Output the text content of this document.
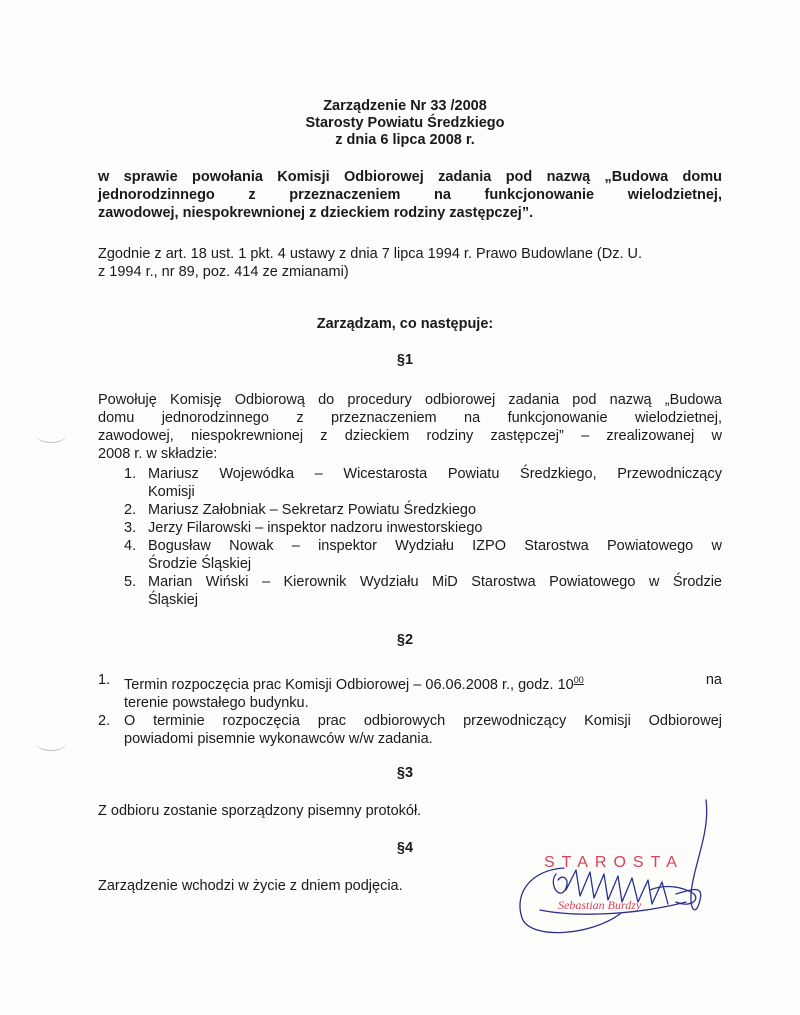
Zarządzenie Nr 33 /2008
Starosty Powiatu Średzkiego
z dnia 6 lipca 2008 r.
w sprawie powołania Komisji Odbiorowej zadania pod nazwą „Budowa domu
jednorodzinnego z przeznaczeniem na funkcjonowanie wielodzietnej,
zawodowej, niespokrewnionej z dzieckiem rodziny zastępczej”.
Zgodnie z art. 18 ust. 1 pkt. 4 ustawy z dnia 7 lipca 1994 r. Prawo Budowlane (Dz. U.
z 1994 r., nr 89, poz. 414 ze zmianami)
Zarządzam, co następuje:
§1
Powołuję Komisję Odbiorową do procedury odbiorowej zadania pod nazwą „Budowa
domu jednorodzinnego z przeznaczeniem na funkcjonowanie wielodzietnej,
zawodowej, niespokrewnionej z dzieckiem rodziny zastępczej” – zrealizowanej w
2008 r. w składzie:
1. Mariusz Wojewódka – Wicestarosta Powiatu Średzkiego, Przewodniczący
Komisji
2. Mariusz Załobniak – Sekretarz Powiatu Średzkiego
3. Jerzy Filarowski – inspektor nadzoru inwestorskiego
4. Bogusław Nowak – inspektor Wydziału IZPO Starostwa Powiatowego w
Środzie Śląskiej
5. Marian Wiński – Kierownik Wydziału MiD Starostwa Powiatowego w Środzie
Śląskiej
§2
1. Termin rozpoczęcia prac Komisji Odbiorowej – 06.06.2008 r., godz. $10^{00}$	na
terenie powstałego budynku.
2. O terminie rozpoczęcia prac odbiorowych przewodniczący Komisji Odbiorowej
powiadomi pisemnie wykonawców w/w zadania.
§3
Z odbioru zostanie sporządzony pisemny protokół.
§4
Zarządzenie wchodzi w życie z dniem podjęcia.
STAROSTA
Sebastian Burdzy
